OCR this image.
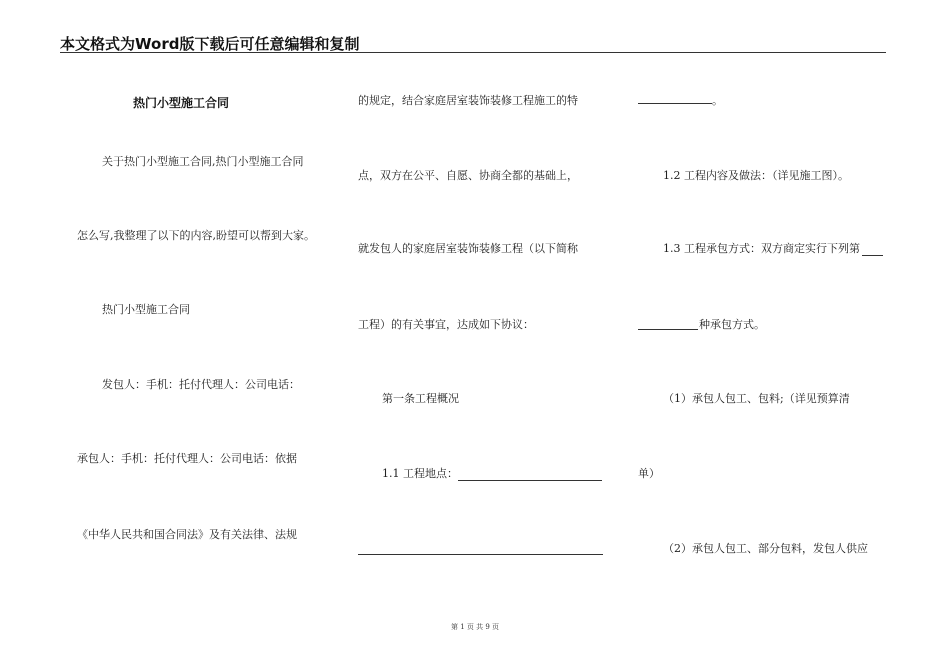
本文格式为Word版下载后可任意编辑和复制
热门小型施工合同
关于热门小型施工合同,热门小型施工合同
怎么写,我整理了以下的内容,盼望可以帮到大家。
热门小型施工合同
发包人：手机：托付代理人：公司电话：
承包人：手机：托付代理人：公司电话：依据
《中华人民共和国合同法》及有关法律、法规
的规定，结合家庭居室装饰装修工程施工的特
点，双方在公平、自愿、协商全都的基础上，
就发包人的家庭居室装饰装修工程（以下简称
工程）的有关事宜，达成如下协议：
第一条工程概况
1.1 工程地点：
。
1.2 工程内容及做法：（详见施工图）。
1.3 工程承包方式：双方商定实行下列第
种承包方式。
（1）承包人包工、包料;（详见预算清
单）
（2）承包人包工、部分包料，发包人供应
第 1 页 共 9 页
